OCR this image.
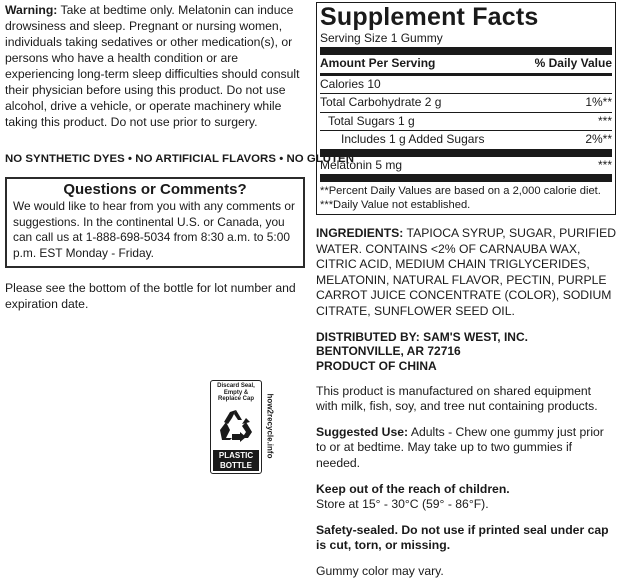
Warning: Take at bedtime only. Melatonin can induce drowsiness and sleep. Pregnant or nursing women, individuals taking sedatives or other medication(s), or persons who have a health condition or are experiencing long-term sleep difficulties should consult their physician before using this product. Do not use alcohol, drive a vehicle, or operate machinery while taking this product. Do not use prior to surgery.

NO SYNTHETIC DYES • NO ARTIFICIAL FLAVORS • NO GLUTEN
Questions or Comments?

We would like to hear from you with any comments or suggestions. In the continental U.S. or Canada, you can call us at 1-888-698-5034 from 8:30 a.m. to 5:00 p.m. EST Monday - Friday.

Please see the bottom of the bottle for lot number and expiration date.
Discard Seal,
Empty &
Replace Cap
PLASTIC
BOTTLE
how2recycle.info
Supplement Facts
Serving Size 1 Gummy
Amount Per Serving	% Daily Value
Calories 10
Total Carbohydrate 2 g	1%**
Total Sugars 1 g	***
Includes 1 g Added Sugars	2%**
Melatonin 5 mg	***
**Percent Daily Values are based on a 2,000 calorie diet.
***Daily Value not established.

INGREDIENTS: TAPIOCA SYRUP, SUGAR, PURIFIED WATER. CONTAINS <2% OF CARNAUBA WAX, CITRIC ACID, MEDIUM CHAIN TRIGLYCERIDES, MELATONIN, NATURAL FLAVOR, PECTIN, PURPLE CARROT JUICE CONCENTRATE (COLOR), SODIUM CITRATE, SUNFLOWER SEED OIL.

DISTRIBUTED BY: SAM'S WEST, INC.
BENTONVILLE, AR 72716
PRODUCT OF CHINA

This product is manufactured on shared equipment with milk, fish, soy, and tree nut containing products.

Suggested Use: Adults - Chew one gummy just prior to or at bedtime. May take up to two gummies if needed.

Keep out of the reach of children.
Store at 15° - 30°C (59° - 86°F).

Safety-sealed. Do not use if printed seal under cap is cut, torn, or missing.

Gummy color may vary.
